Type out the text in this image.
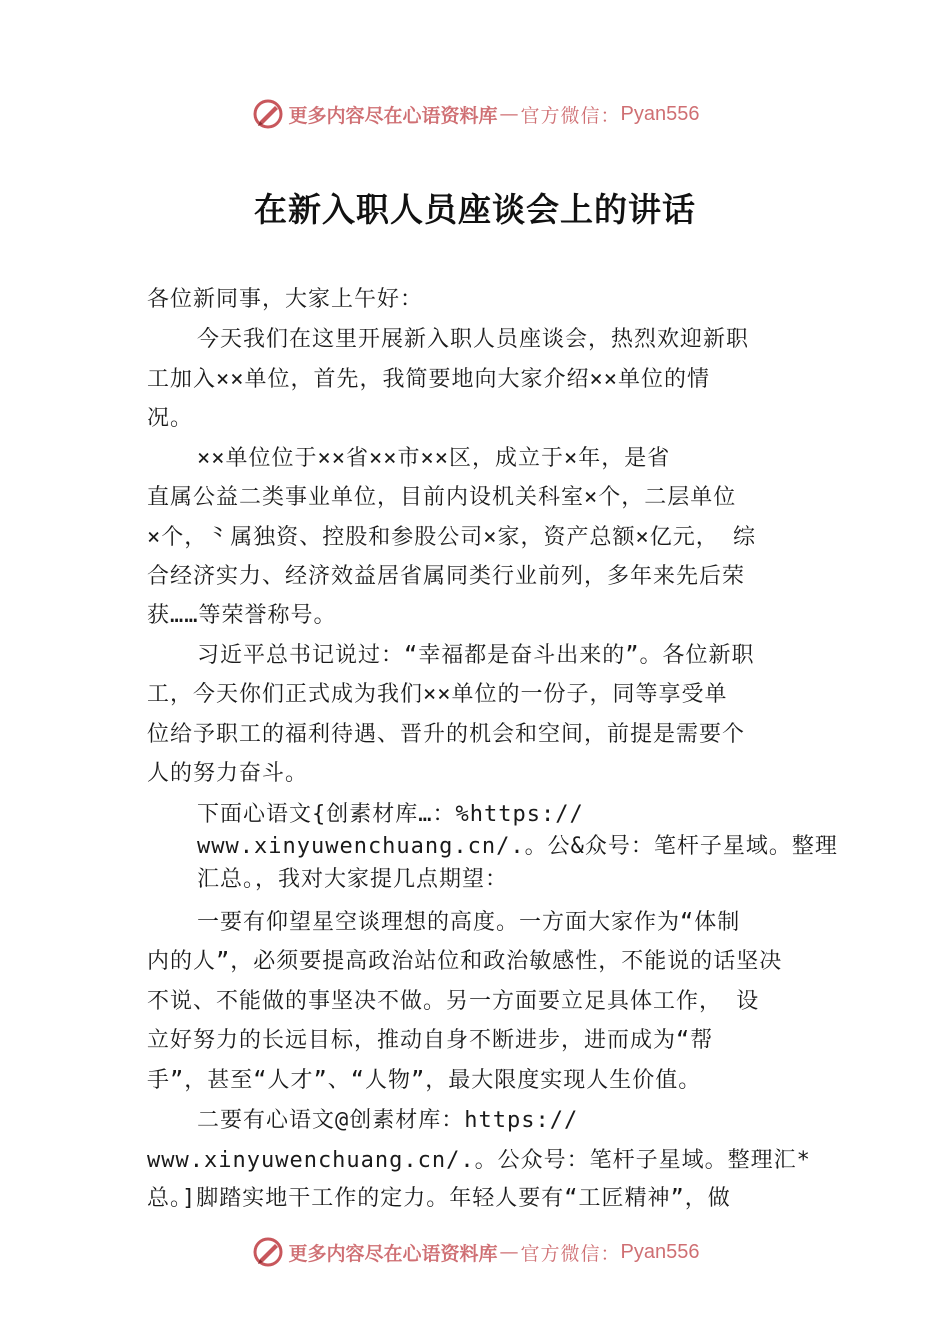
更多内容尽在心语资料库 — 官方微信： Pyan556
在新入职人员座谈会上的讲话
各位新同事，大家上午好：
今天我们在这里开展新入职人员座谈会，热烈欢迎新职
工加入××单位，首先，我简要地向大家介绍××单位的情
况。
××单位位于××省××市××区，成立于×年，是省
直属公益二类事业单位，目前内设机关科室×个，二层单位
×个，⺀属独资、控股和参股公司×家，资产总额×亿元， 综
合经济实力、经济效益居省属同类行业前列，多年来先后荣
获……等荣誉称号。
习近平总书记说过：“幸福都是奋斗出来的”。各位新职
工，今天你们正式成为我们××单位的一份子，同等享受单
位给予职工的福利待遇、晋升的机会和空间，前提是需要个
人的努力奋斗。
下面心语文{创素材库…：%https://
www.xinyuwenchuang.cn/.。公&众号：笔杆子星域。整理
汇总。，我对大家提几点期望：
一要有仰望星空谈理想的高度。一方面大家作为“体制
内的人”，必须要提高政治站位和政治敏感性，不能说的话坚决
不说、不能做的事坚决不做。另一方面要立足具体工作， 设
立好努力的长远目标，推动自身不断进步，进而成为“帮
手”，甚至“人才”、“人物”，最大限度实现人生价值。
二要有心语文@创素材库：https://
www.xinyuwenchuang.cn/.。公众号：笔杆子星域。整理汇*
总。]脚踏实地干工作的定力。年轻人要有“工匠精神”，做
更多内容尽在心语资料库 — 官方微信： Pyan556
